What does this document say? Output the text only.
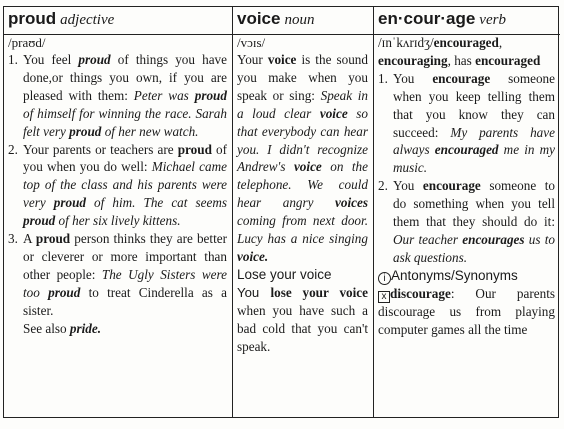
proud adjective
/praʊd/
1. You feel proud of things you have done,or things you own, if you are pleased with them: Peter was proud of himself for winning the race. Sarah felt very proud of her new watch.
2. Your parents or teachers are proud of you when you do well: Michael came top of the class and his parents were very proud of him. The cat seems proud of her six lively kittens.
3. A proud person thinks they are better or cleverer or more important than other people: The Ugly Sisters were too proud to treat Cinderella as a sister.
See also pride.
voice noun
/vɔɪs/
Your voice is the sound you make when you speak or sing: Speak in a loud clear voice so that everybody can hear you. I didn't recognize Andrew's voice on the telephone. We could hear angry voices coming from next door. Lucy has a nice singing voice.
Lose your voice
You lose your voice when you have such a bad cold that you can't speak.
en·cour·age verb
/ɪnˈkʌrɪdʒ/encouraged, encouraging, has encouraged
1. You encourage someone when you keep telling them that you know they can succeed: My parents have always encouraged me in my music.
2. You encourage someone to do something when you tell them that they should do it: Our teacher encourages us to ask questions.
i Antonyms/Synonyms
x discourage: Our parents discourage us from playing computer games all the time
